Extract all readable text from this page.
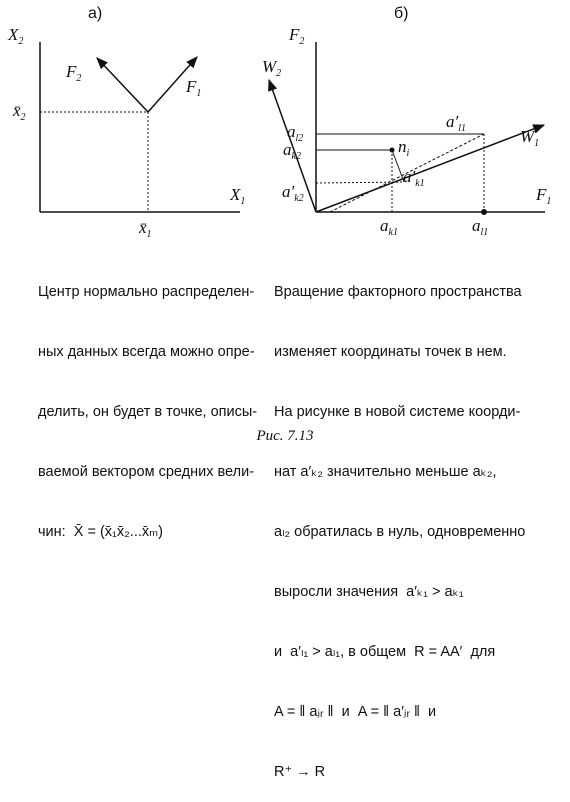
а)
$X_2$
$X_1$
$F_2$	$F_1$
$x̄_2$
$x̄_1$
б)
$F_2$
$F_1$
$W_1$
$W_2$
$a_{l2}$
$a_{k2}$
$a'_{k2}$
$a'_{l1}$
$n_i$
$a'_{k1}$
$a_{k1}$	$a_{l1}$

Центр нормально распределен-

ных данных всегда можно опре-

делить, он будет в точке, описы-

ваемой вектором средних вели-

чин:  X̄ = (x̄₁x̄₂...x̄ₘ)

Вращение факторного пространства

изменяет координаты точек в нем.

На рисунке в новой системе коорди-

нат a′ₖ₂ значительно меньше aₖ₂,

aₗ₂ обратилась в нуль, одновременно

выросли значения  a′ₖ₁ > aₖ₁

и  a′ₗ₁ > aₗ₁, в общем  R = AA′  для

A = ‖ aⱼᵣ ‖  и  A = ‖ a′ⱼᵣ ‖  и

R⁺ → R

Рис. 7.13
